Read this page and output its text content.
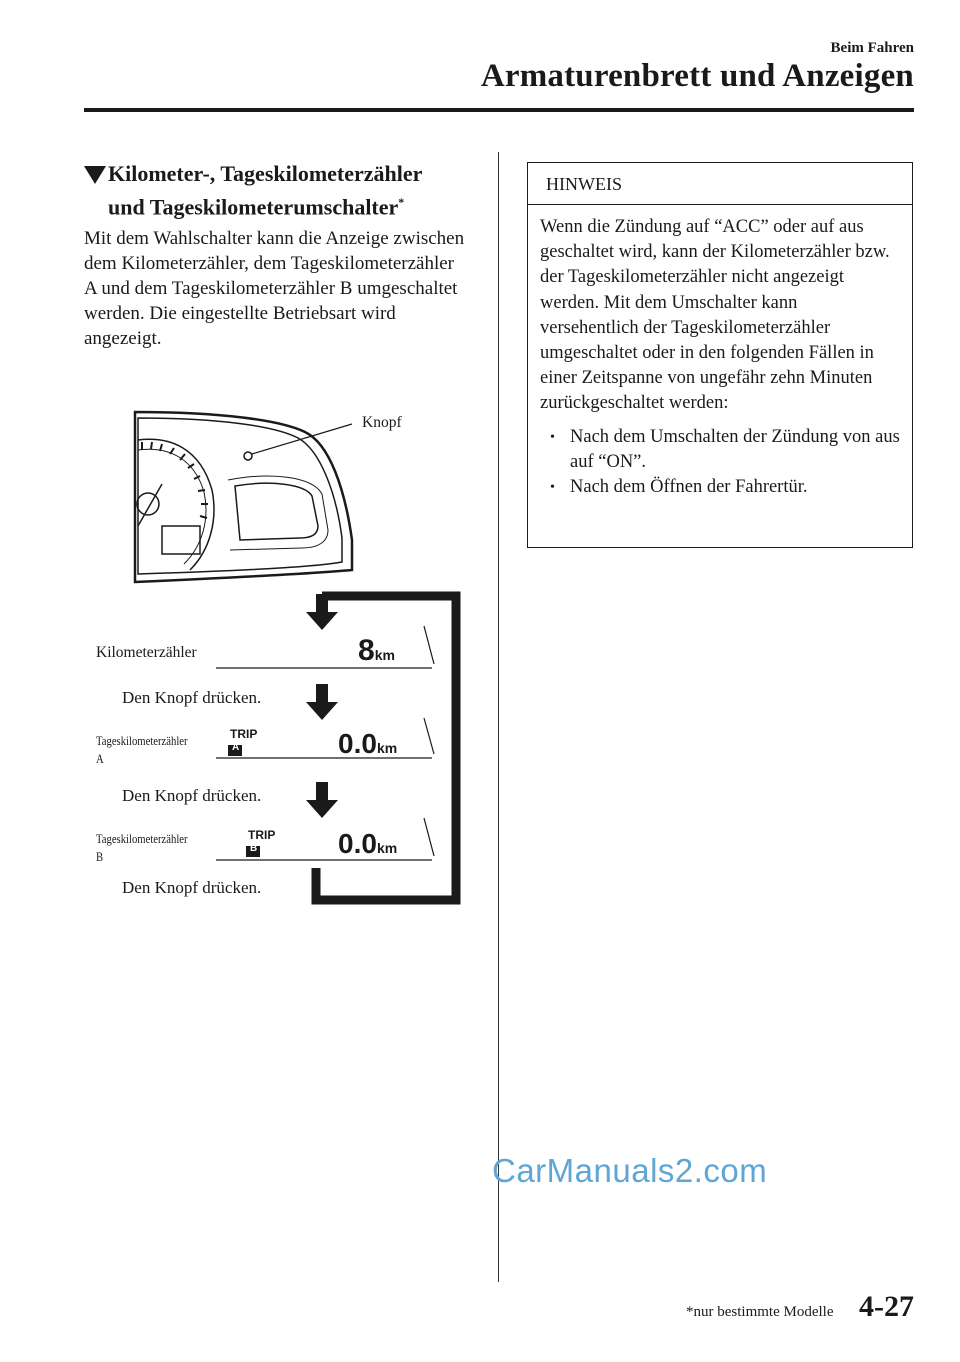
Beim Fahren
Armaturenbrett und Anzeigen
Kilometer-, Tageskilometerzähler
und Tageskilometerumschalter*
Mit dem Wahlschalter kann die Anzeige zwischen dem Kilometerzähler, dem Tageskilometerzähler A und dem Tageskilometerzähler B umgeschaltet werden. Die eingestellte Betriebsart wird angezeigt.
Knopf
Kilometerzähler
Tageskilometerzähler
A
Tageskilometerzähler
B
Den Knopf drücken.
Den Knopf drücken.
Den Knopf drücken.
8km
TRIP
A	0.0km
TRIP
B	0.0km
HINWEIS
Wenn die Zündung auf “ACC” oder auf aus geschaltet wird, kann der Kilometerzähler bzw. der Tageskilometerzähler nicht angezeigt werden. Mit dem Umschalter kann versehentlich der Tageskilometerzähler umgeschaltet oder in den folgenden Fällen in einer Zeitspanne von ungefähr zehn Minuten zurückgeschaltet werden:
• Nach dem Umschalten der Zündung von aus auf “ON”.
• Nach dem Öffnen der Fahrertür.
CarManuals2.com
*nur bestimmte Modelle 4-27
